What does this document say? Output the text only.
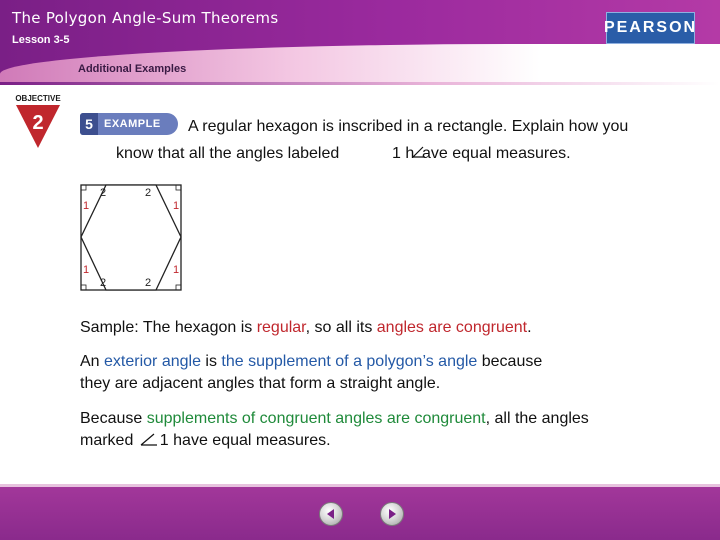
The Polygon Angle-Sum Theorems
Lesson 3-5
Additional Examples
PEARSON
Geometry
OBJECTIVE
2	5	EXAMPLE A regular hexagon is inscribed in a rectangle. Explain how you
know that all the angles labeled	1 h ave equal measures.
2	2
2	2
1	1
1	1
Sample: The hexagon is regular, so all its angles are congruent.
An exterior angle is the supplement of a polygon’s angle because
they are adjacent angles that form a straight angle.
Because supplements of congruent angles are congruent, all the angles
marked 1 have equal measures.
